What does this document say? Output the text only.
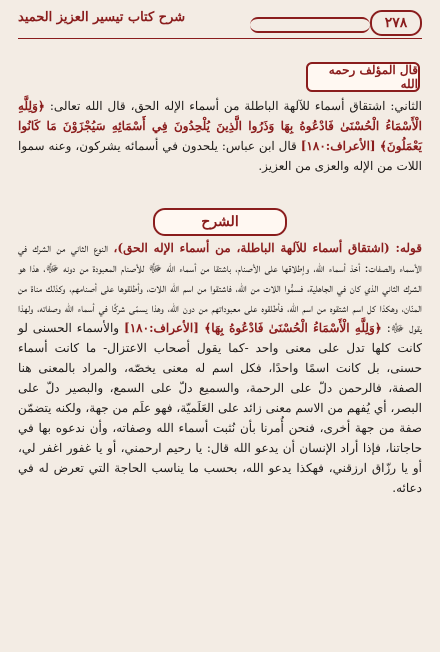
٢٧٨
شرح كتاب تيسير العزيز الحميد
قال المؤلف رحمه الله
الثاني: اشتقاق أسماء للآلهة الباطلة من أسماء الإله الحق، قال الله تعالى: ﴿وَلِلَّهِ الْأَسْمَاءُ الْحُسْنَىٰ فَادْعُوهُ بِهَا وَذَرُوا الَّذِينَ يُلْحِدُونَ فِي أَسْمَائِهِ سَيُجْزَوْنَ مَا كَانُوا يَعْمَلُونَ﴾ [الأعراف:١٨٠] قال ابن عباس: يلحدون في أسمائه يشركون، وعنه سموا اللات من الإله والعزى من العزيز.
الشرح
قوله: (اشتقاق أسماء للآلهة الباطلة، من أسماء الإله الحق)، النوع الثاني من الشرك في الأسماء والصفات: أخذ أسماء الله، وإطلاقها على الأصنام، باشتقا من أسماء الله ﷻ للأصنام المعبودة من دونه ﷻ، هذا هو الشرك الثاني الذي كان في الجاهلية، فسمُّوا اللات من الله، فاشتقوا من اسم الله اللات، وأطلقوها على أصنامهم، وكذلك مناة من المنّان، وهكذا كل اسم اشتقوه من اسم الله، فأطلقوه على معبوداتهم من دون الله، وهذا يسمّى شركًا في أسماء الله وصفاته، ولهذا يقول ﷻ: ﴿وَلِلَّهِ الْأَسْمَاءُ الْحُسْنَىٰ فَادْعُوهُ بِهَا﴾ [الأعراف:١٨٠] والأسماء الحسنى لو كانت كلها تدل على معنى واحد -كما يقول أصحاب الاعتزال- ما كانت أسماء حسنى، بل كانت اسمًا واحدًا، فكل اسم له معنى يخصّه، والمراد بالمعنى هنا الصفة، فالرحمن دلّ على الرحمة، والسميع دلّ على السمع، والبصير دلّ على البصر، أي يُفهم من الاسم معنى زائد على العَلَميّة، فهو علَم من جهة، ولكنه يتضمّن صفة من جهة أخرى، فنحن أُمرنا بأن نُثبت أسماء الله وصفاته، وأن ندعوه بها في حاجاتنا، فإذا أراد الإنسان أن يدعو الله قال: يا رحيم ارحمني، أو يا غفور اغفر لي، أو يا رزّاق ارزقني، فهكذا يدعو الله، بحسب ما يناسب الحاجة التي تعرض له في دعائه.
